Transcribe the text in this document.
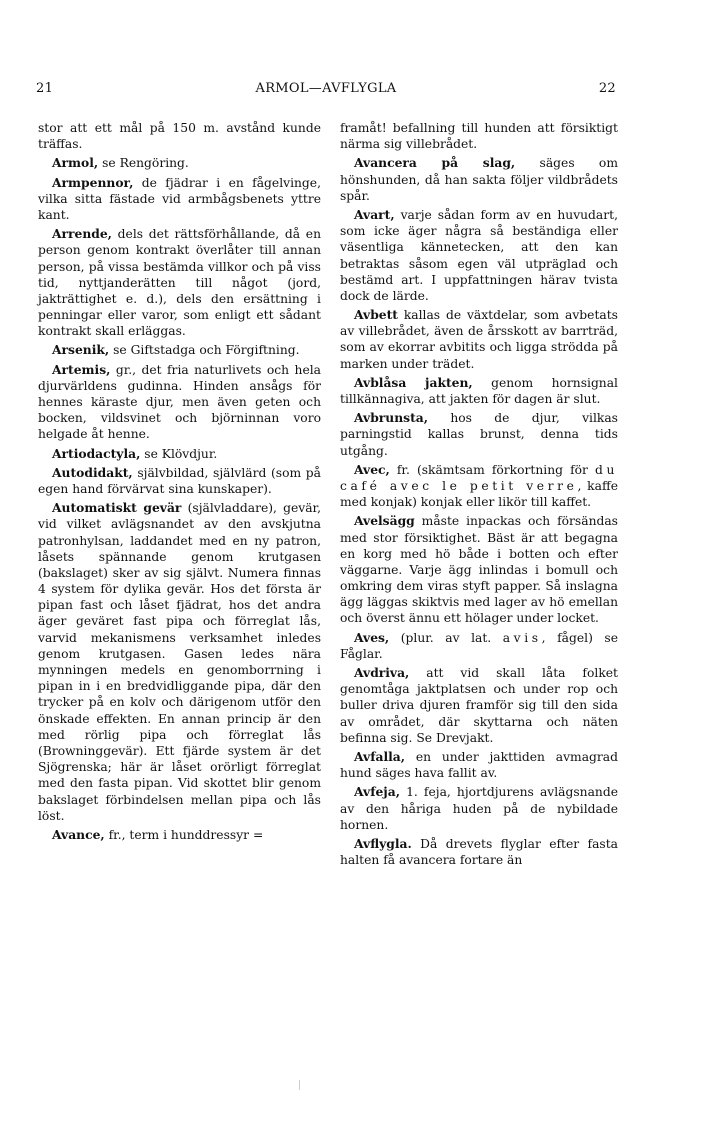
21	ARMOL—AVFLYGLA	22

stor att ett mål på 150 m. avstånd kunde träffas.

Armol, se Rengöring.

Armpennor, de fjädrar i en fågelvinge, vilka sitta fästade vid armbågsbenets yttre kant.

Arrende, dels det rättsförhållande, då en person genom kontrakt överlåter till annan person, på vissa bestämda villkor och på viss tid, nyttjanderätten till något (jord, jakträttighet e. d.), dels den ersättning i penningar eller varor, som enligt ett sådant kontrakt skall erläggas.

Arsenik, se Giftstadga och Förgiftning.

Artemis, gr., det fria naturlivets och hela djurvärldens gudinna. Hinden ansågs för hennes käraste djur, men även geten och bocken, vildsvinet och björninnan voro helgade åt henne.

Artiodactyla, se Klövdjur.

Autodidakt, självbildad, självlärd (som på egen hand förvärvat sina kunskaper).

Automatiskt gevär (självladdare), gevär, vid vilket avlägsnandet av den avskjutna patronhylsan, laddandet med en ny patron, låsets spännande genom krutgasen (bakslaget) sker av sig självt. Numera finnas 4 system för dylika gevär. Hos det första är pipan fast och låset fjädrat, hos det andra äger geväret fast pipa och förreglat lås, varvid mekanismens verksamhet inledes genom krutgasen. Gasen ledes nära mynningen medels en genomborrning i pipan in i en bredvidliggande pipa, där den trycker på en kolv och därigenom utför den önskade effekten. En annan princip är den med rörlig pipa och förreglat lås (Browninggevär). Ett fjärde system är det Sjögrenska; här är låset orörligt förreglat med den fasta pipan. Vid skottet blir genom bakslaget förbindelsen mellan pipa och lås löst.

Avance, fr., term i hunddressyr =

framåt! befallning till hunden att försiktigt närma sig villebrådet.

Avancera på slag, säges om hönshunden, då han sakta följer vildbrådets spår.

Avart, varje sådan form av en huvudart, som icke äger några så beständiga eller väsentliga kännetecken, att den kan betraktas såsom egen väl utpräglad och bestämd art. I uppfattningen härav tvista dock de lärde.

Avbett kallas de växtdelar, som avbetats av villebrådet, även de årsskott av barrträd, som av ekorrar avbitits och ligga strödda på marken under trädet.

Avblåsa jakten, genom hornsignal tillkännagiva, att jakten för dagen är slut.

Avbrunsta, hos de djur, vilkas parningstid kallas brunst, denna tids utgång.

Avec, fr. (skämtsam förkortning för du café avec le petit verre, kaffe med konjak) konjak eller likör till kaffet.

Avelsägg måste inpackas och försändas med stor försiktighet. Bäst är att begagna en korg med hö både i botten och efter väggarne. Varje ägg inlindas i bomull och omkring dem viras styft papper. Så inslagna ägg läggas skiktvis med lager av hö emellan och överst ännu ett hölager under locket.

Aves, (plur. av lat. avis, fågel) se Fåglar.

Avdriva, att vid skall låta folket genomtåga jaktplatsen och under rop och buller driva djuren framför sig till den sida av området, där skyttarna och näten befinna sig. Se Drevjakt.

Avfalla, en under jakttiden avmagrad hund säges hava fallit av.

Avfeja, 1. feja, hjortdjurens avlägsnande av den håriga huden på de nybildade hornen.

Avflygla. Då drevets flyglar efter fasta halten få avancera fortare än
